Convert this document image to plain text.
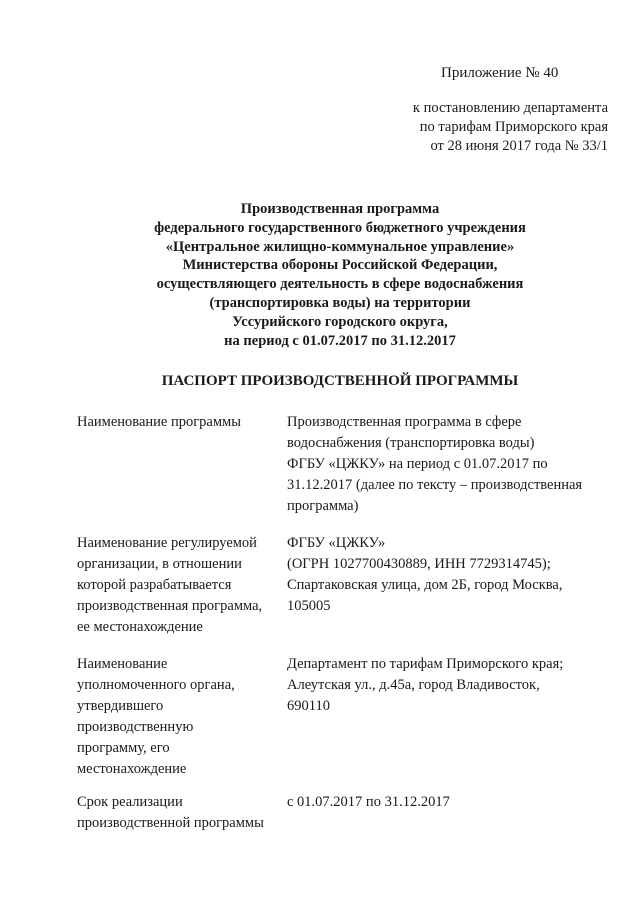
Приложение № 40
к постановлению департамента
по тарифам Приморского края
от 28 июня 2017 года № 33/1
Производственная программа
федерального государственного бюджетного учреждения
«Центральное жилищно-коммунальное управление»
Министерства обороны Российской Федерации,
осуществляющего деятельность в сфере водоснабжения
(транспортировка воды) на территории
Уссурийского городского округа,
на период с 01.07.2017 по 31.12.2017
ПАСПОРТ ПРОИЗВОДСТВЕННОЙ ПРОГРАММЫ
Наименование программы	Производственная программа в сфере
водоснабжения (транспортировка воды)
ФГБУ «ЦЖКУ» на период с 01.07.2017 по
31.12.2017 (далее по тексту – производственная
программа)
Наименование регулируемой
организации, в отношении
которой разрабатывается
производственная программа,
ее местонахождение
ФГБУ «ЦЖКУ»
(ОГРН 1027700430889, ИНН 7729314745);
Спартаковская улица, дом 2Б, город Москва,
105005
Наименование
уполномоченного органа,
утвердившего
производственную
программу, его
местонахождение
Департамент по тарифам Приморского края;
Алеутская ул., д.45а, город Владивосток,
690110
Срок реализации
производственной программы
с 01.07.2017 по 31.12.2017
